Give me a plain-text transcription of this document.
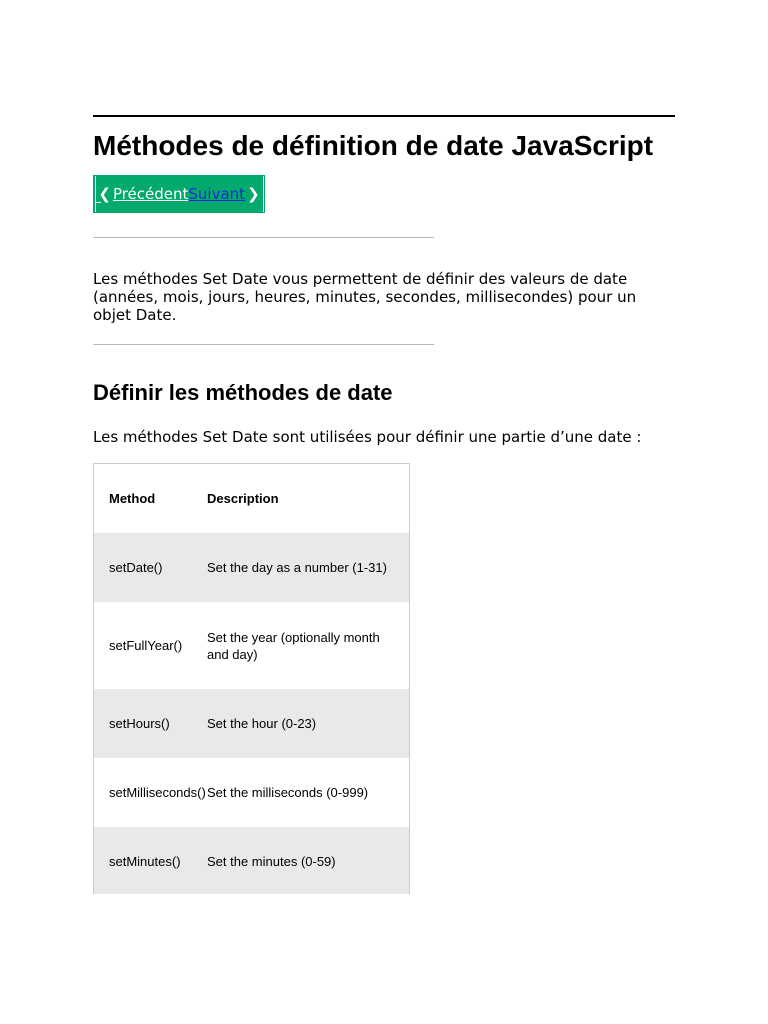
Méthodes de définition de date JavaScript
❮ Précédent Suivant ❯

Les méthodes Set Date vous permettent de définir des valeurs de date (années, mois, jours, heures, minutes, secondes, millisecondes) pour un objet Date.

Définir les méthodes de date

Les méthodes Set Date sont utilisées pour définir une partie d’une date :

Method	Description
setDate()	Set the day as a number (1-31)
setFullYear()	Set the year (optionally month and day)
setHours()	Set the hour (0-23)
setMilliseconds()	Set the milliseconds (0-999)
setMinutes()	Set the minutes (0-59)
